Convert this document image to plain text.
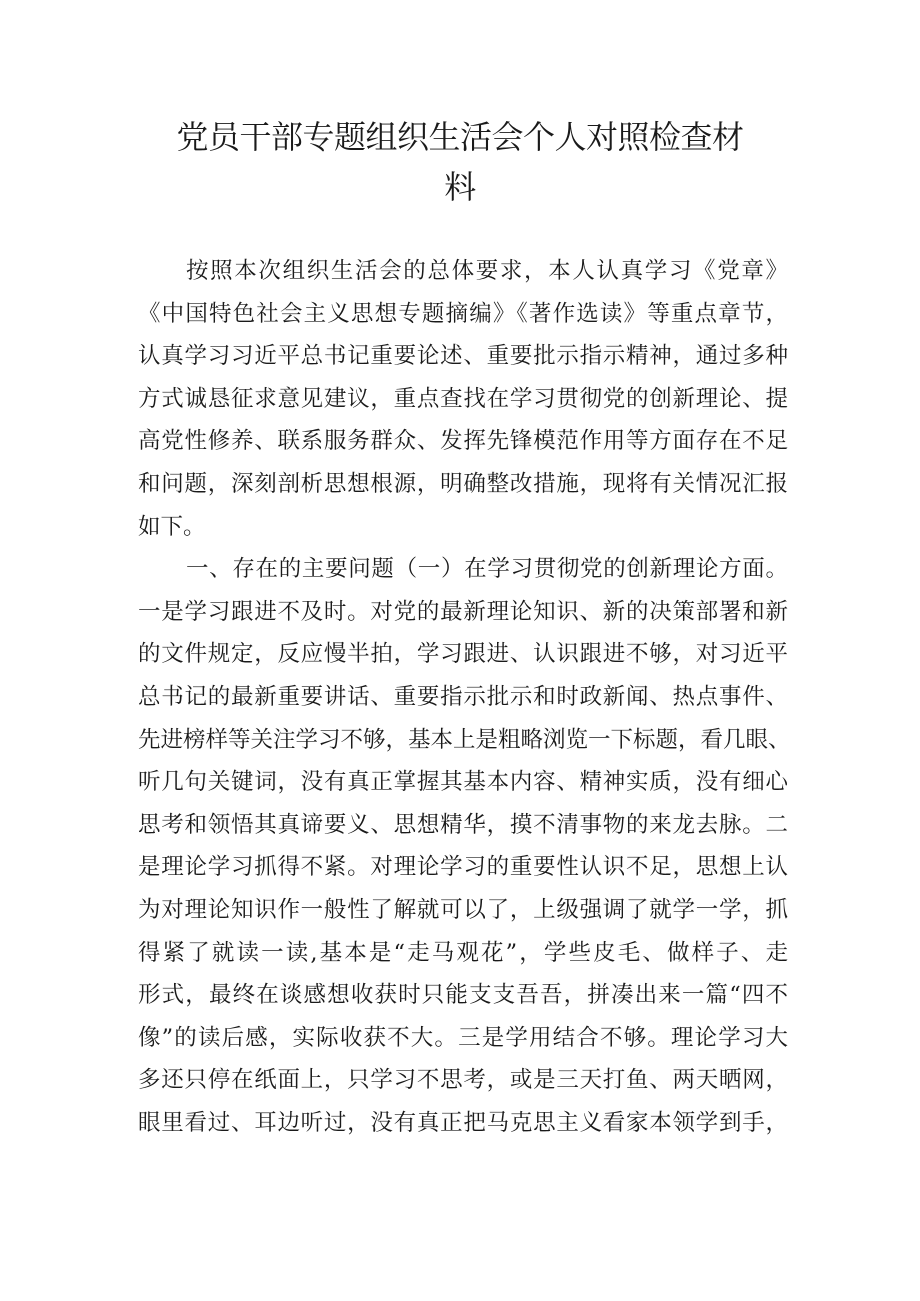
党员干部专题组织生活会个人对照检查材
料
按照本次组织生活会的总体要求，本人认真学习《党章》
《中国特色社会主义思想专题摘编》《著作选读》等重点章节，
认真学习习近平总书记重要论述、重要批示指示精神，通过多种
方式诚恳征求意见建议，重点查找在学习贯彻党的创新理论、提
高党性修养、联系服务群众、发挥先锋模范作用等方面存在不足
和问题，深刻剖析思想根源，明确整改措施，现将有关情况汇报
如下。
一、存在的主要问题（一）在学习贯彻党的创新理论方面。
一是学习跟进不及时。对党的最新理论知识、新的决策部署和新
的文件规定，反应慢半拍，学习跟进、认识跟进不够，对习近平
总书记的最新重要讲话、重要指示批示和时政新闻、热点事件、
先进榜样等关注学习不够，基本上是粗略浏览一下标题，看几眼、
听几句关键词，没有真正掌握其基本内容、精神实质，没有细心
思考和领悟其真谛要义、思想精华，摸不清事物的来龙去脉。二
是理论学习抓得不紧。对理论学习的重要性认识不足，思想上认
为对理论知识作一般性了解就可以了，上级强调了就学一学，抓
得紧了就读一读,基本是“走马观花”，学些皮毛、做样子、走
形式，最终在谈感想收获时只能支支吾吾，拼凑出来一篇“四不
像”的读后感，实际收获不大。三是学用结合不够。理论学习大
多还只停在纸面上，只学习不思考，或是三天打鱼、两天晒网，
眼里看过、耳边听过，没有真正把马克思主义看家本领学到手，
